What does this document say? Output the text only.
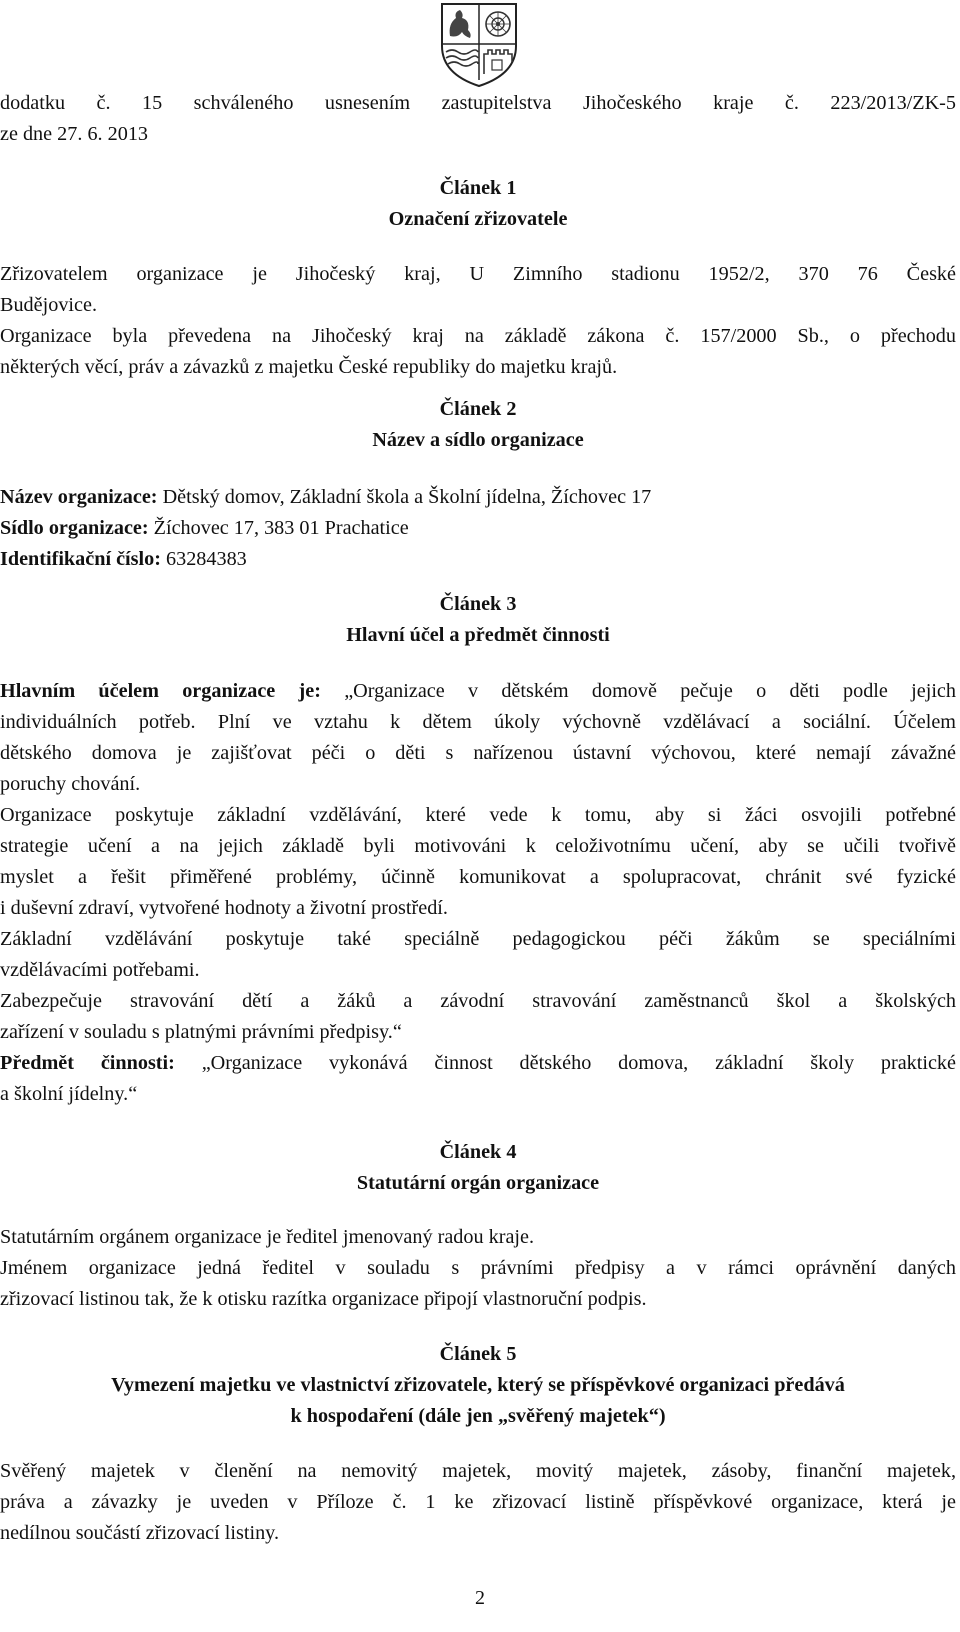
dodatku č. 15 schváleného usnesením zastupitelstva Jihočeského kraje č. 223/2013/ZK-5
ze dne 27. 6. 2013
Článek 1
Označení zřizovatele
Zřizovatelem organizace je Jihočeský kraj, U Zimního stadionu 1952/2, 370 76 České
Budějovice.
Organizace byla převedena na Jihočeský kraj na základě zákona č. 157/2000 Sb., o přechodu
některých věcí, práv a závazků z majetku České republiky do majetku krajů.
Článek 2
Název a sídlo organizace
Název organizace: Dětský domov, Základní škola a Školní jídelna, Žíchovec 17
Sídlo organizace: Žíchovec 17, 383 01 Prachatice
Identifikační číslo: 63284383
Článek 3
Hlavní účel a předmět činnosti
Hlavním účelem organizace je: „Organizace v dětském domově pečuje o děti podle jejich
individuálních potřeb. Plní ve vztahu k dětem úkoly výchovně vzdělávací a sociální. Účelem
dětského domova je zajišťovat péči o děti s nařízenou ústavní výchovou, které nemají závažné
poruchy chování.
Organizace poskytuje základní vzdělávání, které vede k tomu, aby si žáci osvojili potřebné
strategie učení a na jejich základě byli motivováni k celoživotnímu učení, aby se učili tvořivě
myslet a řešit přiměřené problémy, účinně komunikovat a spolupracovat, chránit své fyzické
i duševní zdraví, vytvořené hodnoty a životní prostředí.
Základní vzdělávání poskytuje také speciálně pedagogickou péči žákům se speciálními
vzdělávacími potřebami.
Zabezpečuje stravování dětí a žáků a závodní stravování zaměstnanců škol a školských
zařízení v souladu s platnými právními předpisy.“
Předmět činnosti: „Organizace vykonává činnost dětského domova, základní školy praktické
a školní jídelny.“
Článek 4
Statutární orgán organizace
Statutárním orgánem organizace je ředitel jmenovaný radou kraje.
Jménem organizace jedná ředitel v souladu s právními předpisy a v rámci oprávnění daných
zřizovací listinou tak, že k otisku razítka organizace připojí vlastnoruční podpis.
Článek 5
Vymezení majetku ve vlastnictví zřizovatele, který se příspěvkové organizaci předává
k hospodaření (dále jen „svěřený majetek“)
Svěřený majetek v členění na nemovitý majetek, movitý majetek, zásoby, finanční majetek,
práva a závazky je uveden v Příloze č. 1 ke zřizovací listině příspěvkové organizace, která je
nedílnou součástí zřizovací listiny.
2
